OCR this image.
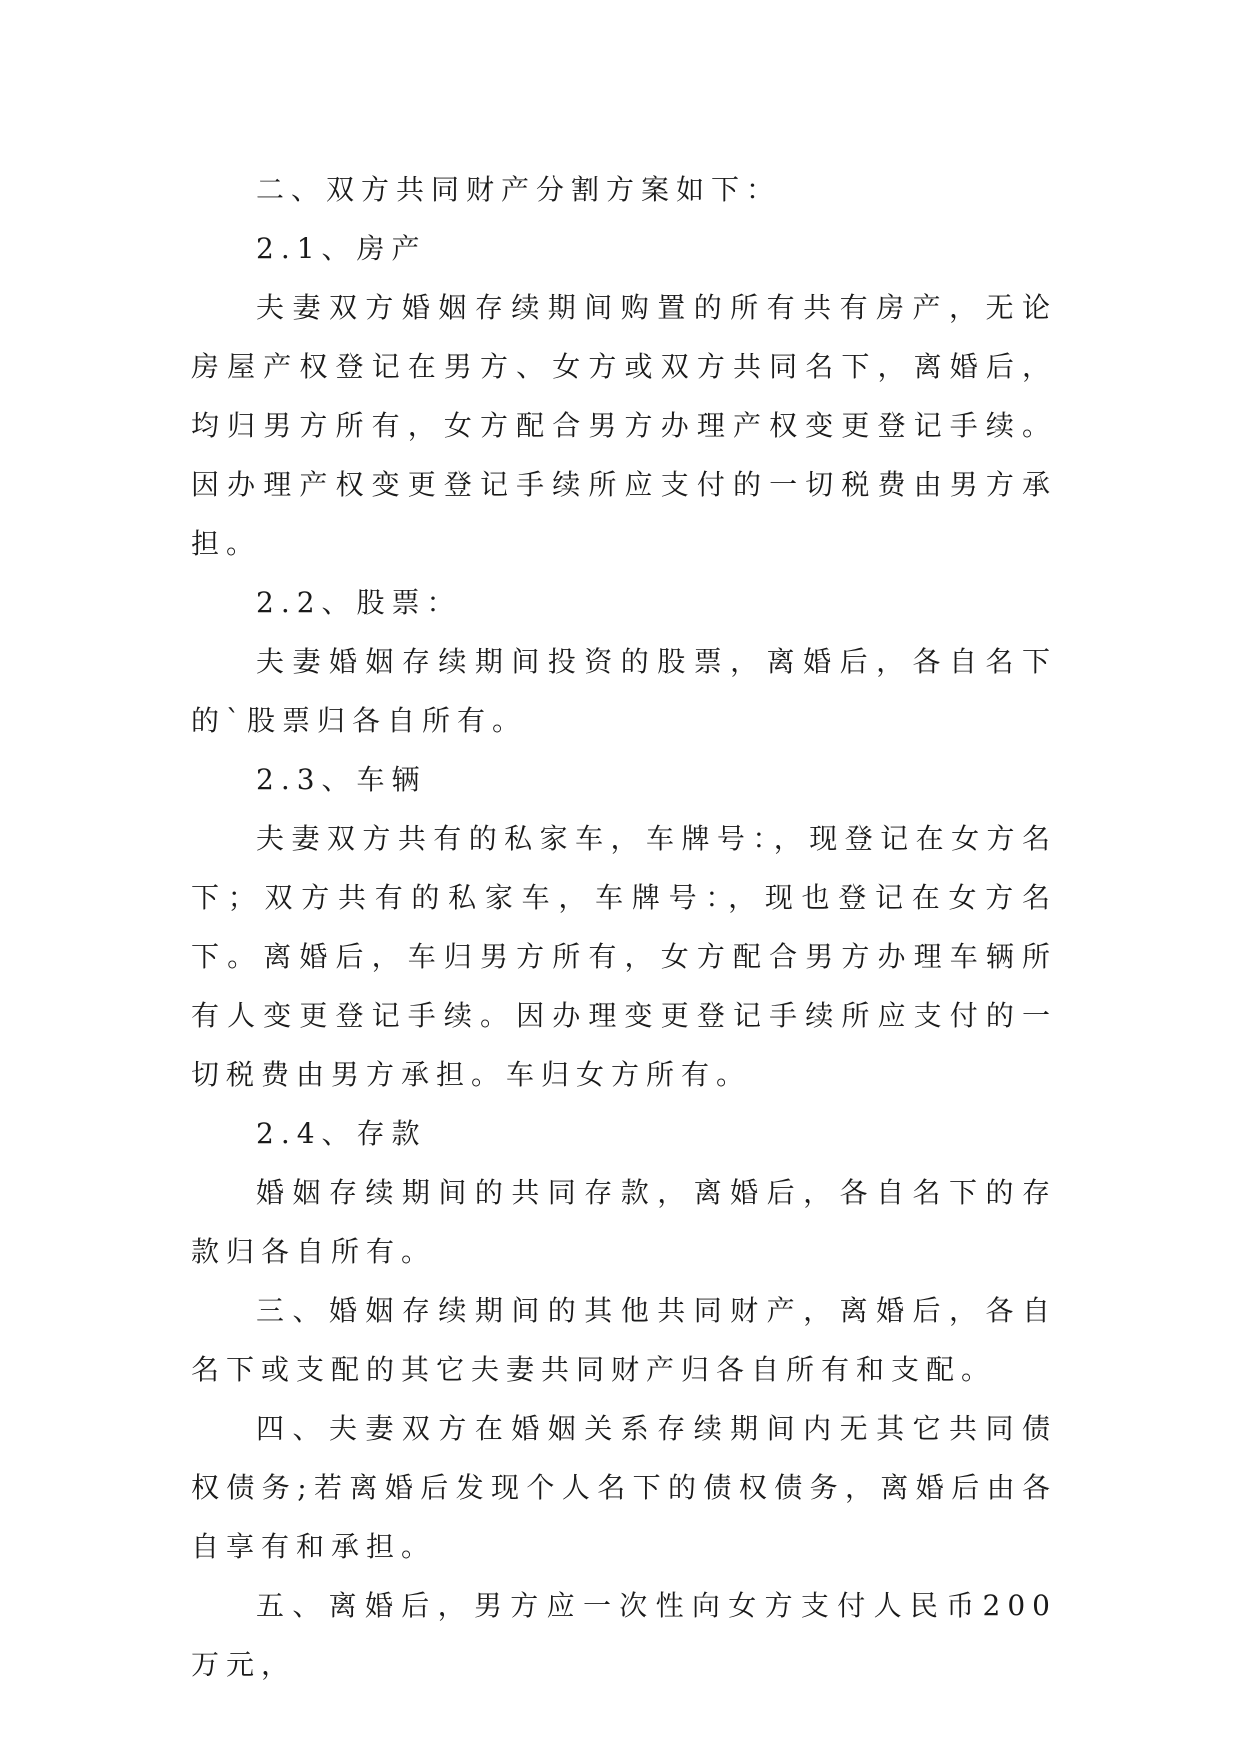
二、双方共同财产分割方案如下：

2.1、房产

夫妻双方婚姻存续期间购置的所有共有房产，无论房屋产权登记在男方、女方或双方共同名下，离婚后，均归男方所有，女方配合男方办理产权变更登记手续。因办理产权变更登记手续所应支付的一切税费由男方承担。

2.2、股票：

夫妻婚姻存续期间投资的股票，离婚后，各自名下的`股票归各自所有。

2.3、车辆

夫妻双方共有的私家车，车牌号：，现登记在女方名下；双方共有的私家车，车牌号：，现也登记在女方名下。离婚后，车归男方所有，女方配合男方办理车辆所有人变更登记手续。因办理变更登记手续所应支付的一切税费由男方承担。车归女方所有。

2.4、存款

婚姻存续期间的共同存款，离婚后，各自名下的存款归各自所有。

三、婚姻存续期间的其他共同财产，离婚后，各自名下或支配的其它夫妻共同财产归各自所有和支配。

四、夫妻双方在婚姻关系存续期间内无其它共同债权债务;若离婚后发现个人名下的债权债务，离婚后由各自享有和承担。

五、离婚后，男方应一次性向女方支付人民币200万元，
